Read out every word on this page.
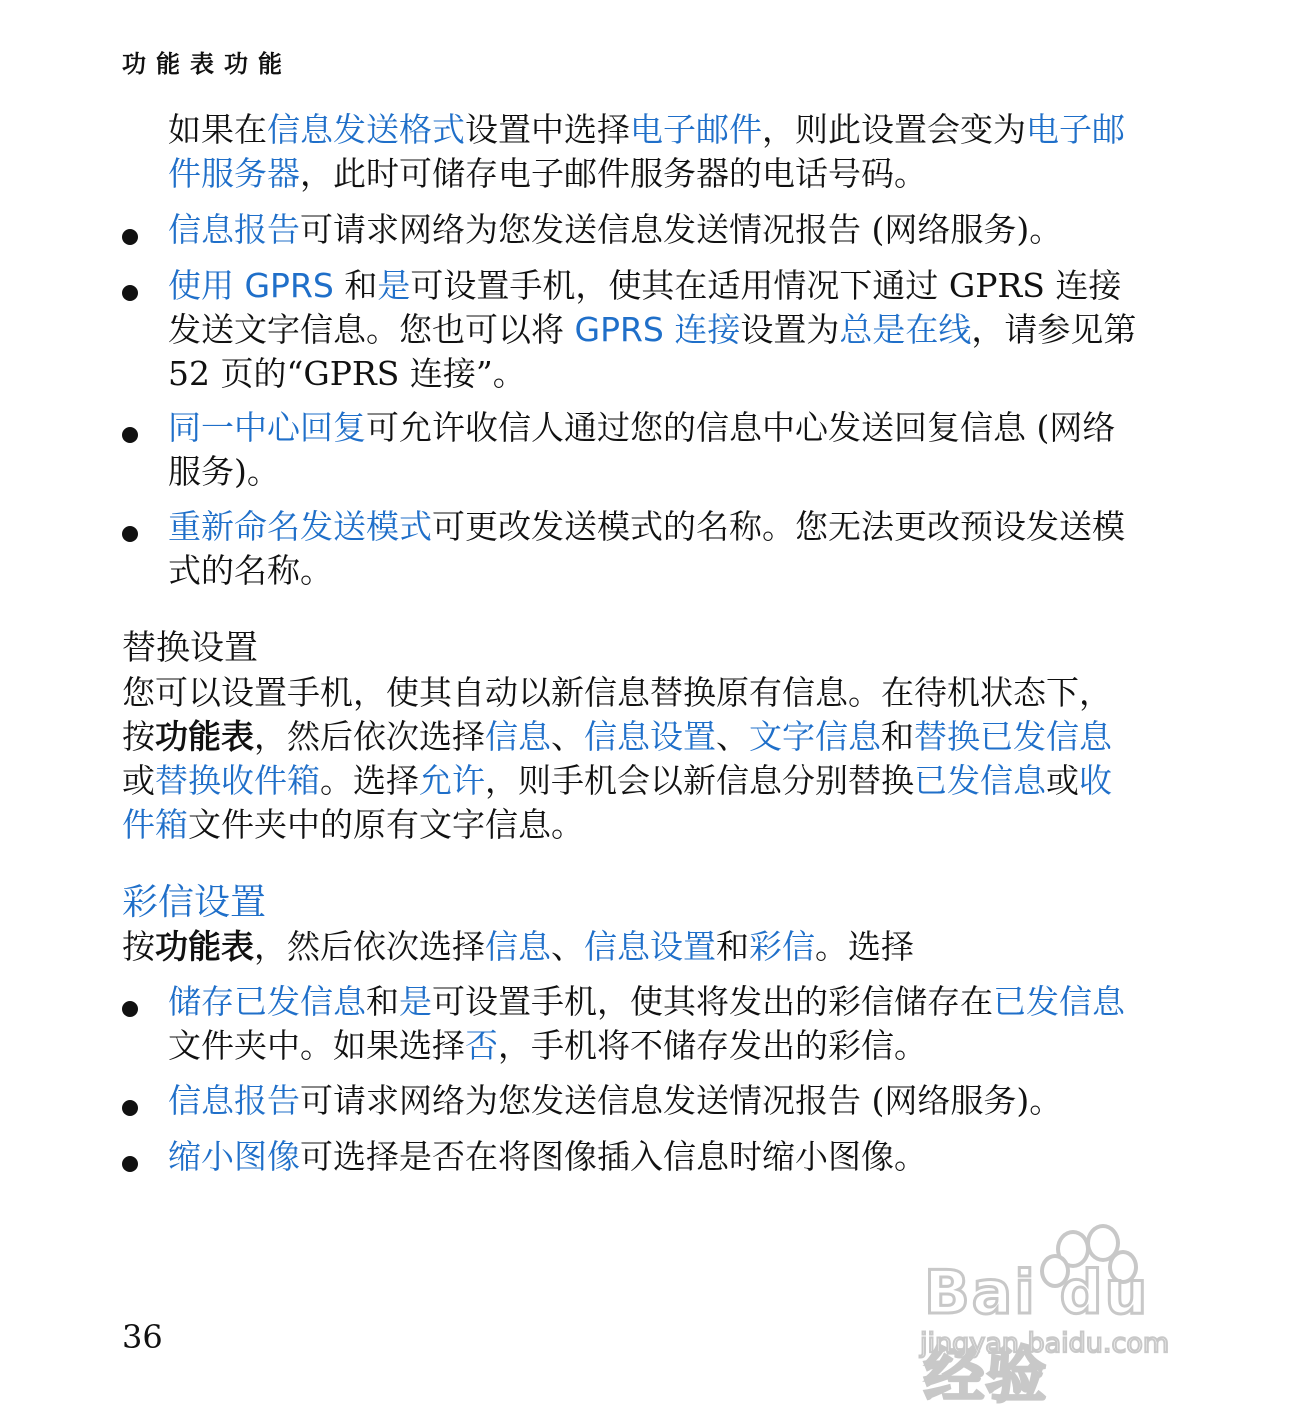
功能表功能
如果在信息发送格式设置中选择电子邮件，则此设置会变为电子邮件服务器，此时可储存电子邮件服务器的电话号码。
信息报告可请求网络为您发送信息发送情况报告 (网络服务)。
使用 GPRS 和是可设置手机，使其在适用情况下通过 GPRS 连接发送文字信息。您也可以将 GPRS 连接设置为总是在线，请参见第 52 页的“GPRS 连接”。
同一中心回复可允许收信人通过您的信息中心发送回复信息 (网络服务)。
重新命名发送模式可更改发送模式的名称。您无法更改预设发送模式的名称。
替换设置
您可以设置手机，使其自动以新信息替换原有信息。在待机状态下，按功能表，然后依次选择信息、信息设置、文字信息和替换已发信息或替换收件箱。选择允许，则手机会以新信息分别替换已发信息或收件箱文件夹中的原有文字信息。
彩信设置
按功能表，然后依次选择信息、信息设置和彩信。选择
储存已发信息和是可设置手机，使其将发出的彩信储存在已发信息文件夹中。如果选择否，手机将不储存发出的彩信。
信息报告可请求网络为您发送信息发送情况报告 (网络服务)。
缩小图像可选择是否在将图像插入信息时缩小图像。
36
Bai du 经验
jingyan.baidu.com
